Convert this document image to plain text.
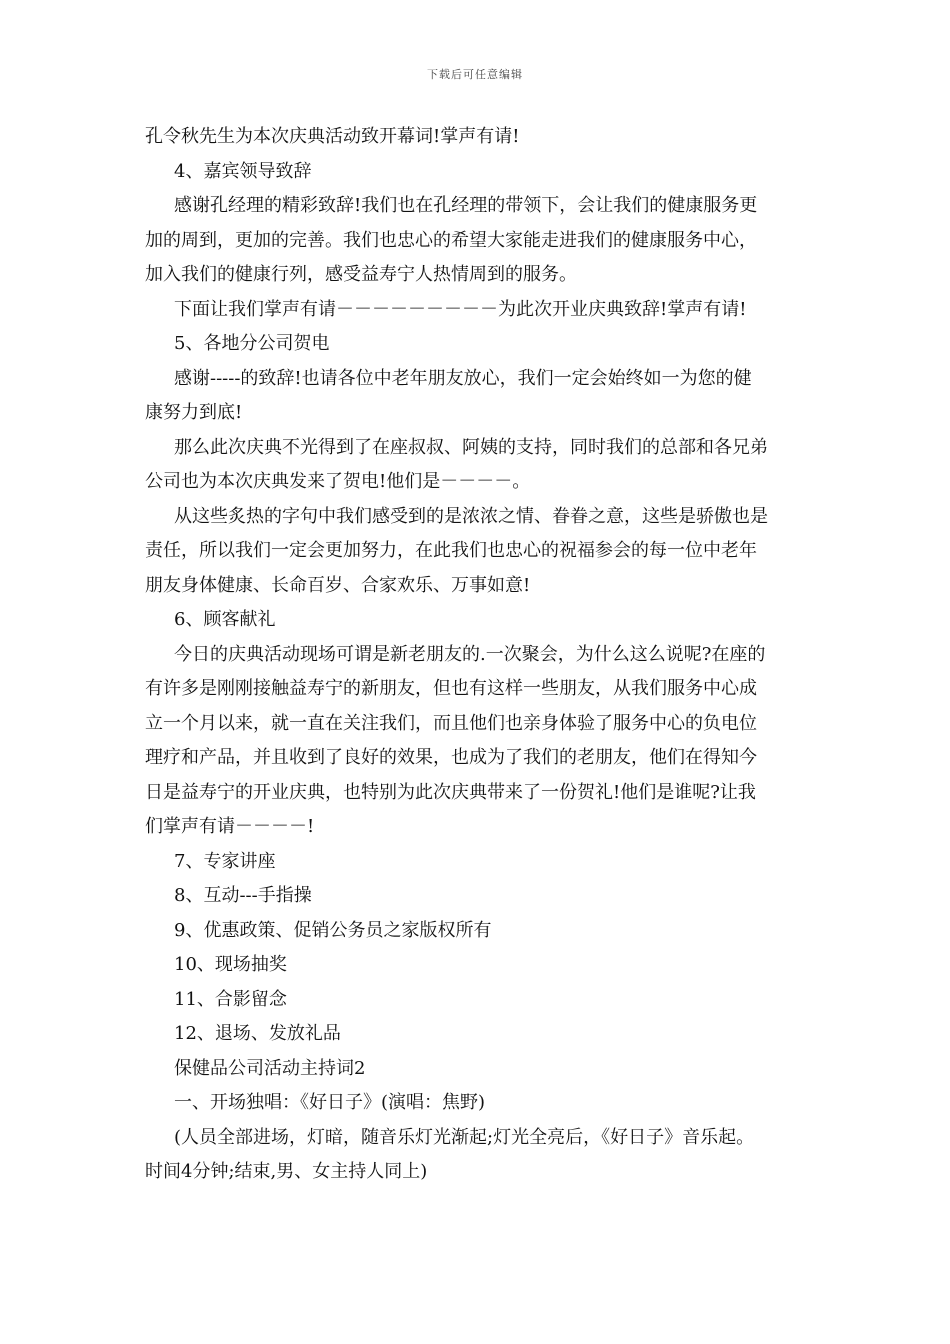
下载后可任意编辑

孔令秋先生为本次庆典活动致开幕词!掌声有请!

4、嘉宾领导致辞

感谢孔经理的精彩致辞!我们也在孔经理的带领下，会让我们的健康服务更

加的周到，更加的完善。我们也忠心的希望大家能走进我们的健康服务中心，

加入我们的健康行列，感受益寿宁人热情周到的服务。

下面让我们掌声有请－－－－－－－－－为此次开业庆典致辞!掌声有请!

5、各地分公司贺电

感谢-----的致辞!也请各位中老年朋友放心，我们一定会始终如一为您的健

康努力到底!

那么此次庆典不光得到了在座叔叔、阿姨的支持，同时我们的总部和各兄弟

公司也为本次庆典发来了贺电!他们是－－－－。

从这些炙热的字句中我们感受到的是浓浓之情、眷眷之意，这些是骄傲也是

责任，所以我们一定会更加努力，在此我们也忠心的祝福参会的每一位中老年

朋友身体健康、长命百岁、合家欢乐、万事如意!

6、顾客献礼

今日的庆典活动现场可谓是新老朋友的.一次聚会，为什么这么说呢?在座的

有许多是刚刚接触益寿宁的新朋友，但也有这样一些朋友，从我们服务中心成

立一个月以来，就一直在关注我们，而且他们也亲身体验了服务中心的负电位

理疗和产品，并且收到了良好的效果，也成为了我们的老朋友，他们在得知今

日是益寿宁的开业庆典，也特别为此次庆典带来了一份贺礼!他们是谁呢?让我

们掌声有请－－－－!

7、专家讲座

8、互动---手指操

9、优惠政策、促销公务员之家版权所有

10、现场抽奖

11、合影留念

12、退场、发放礼品

保健品公司活动主持词2

一、开场独唱：《好日子》(演唱：焦野)

(人员全部进场，灯暗，随音乐灯光渐起;灯光全亮后，《好日子》音乐起。

时间4分钟;结束,男、女主持人同上)
